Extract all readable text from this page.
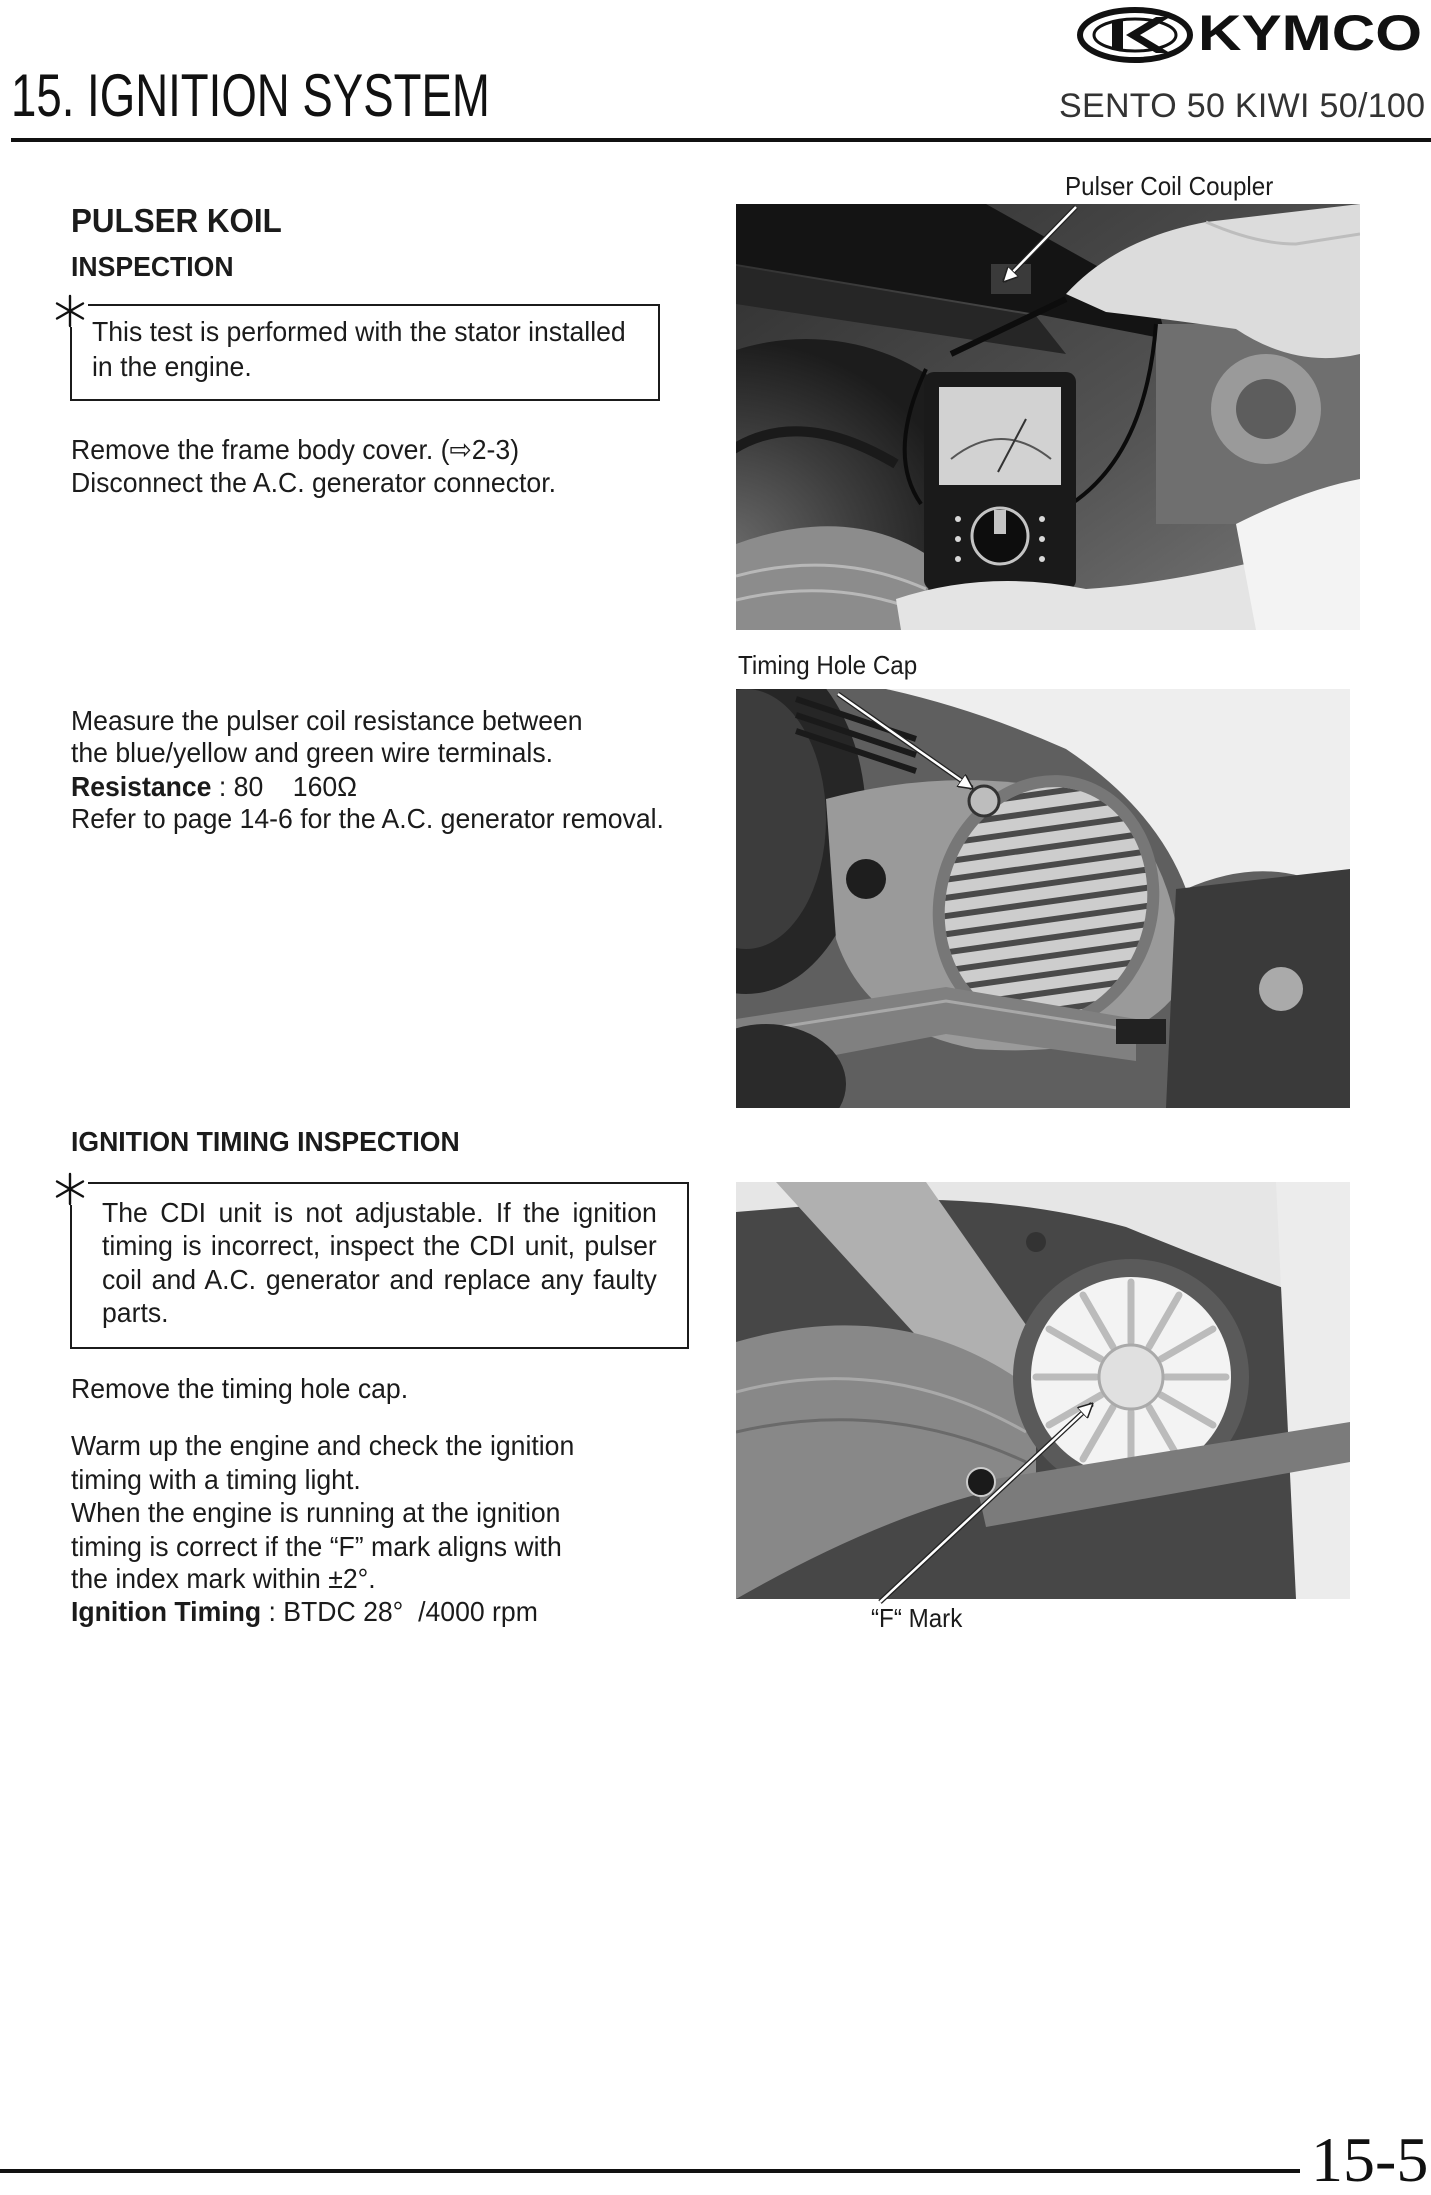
KYMCO
15. IGNITION SYSTEM	SENTO 50 KIWI 50/100
PULSER KOIL
INSPECTION
This test is performed with the stator installed
in the engine.
Remove the frame body cover. (⇨2-3)
Disconnect the A.C. generator connector.
Measure the pulser coil resistance between
the blue/yellow and green wire terminals.
Resistance : 80    160Ω
Refer to page 14-6 for the A.C. generator removal.
IGNITION TIMING INSPECTION
The CDI unit is not adjustable. If the ignition
timing is incorrect, inspect the CDI unit, pulser
coil and A.C. generator and replace any faulty
parts.
Remove the timing hole cap.
Warm up the engine and check the ignition
timing with a timing light.
When the engine is running at the ignition
timing is correct if the “F” mark aligns with
the index mark within ±2°.
Ignition Timing : BTDC 28°  /4000 rpm
Pulser Coil Coupler
Timing Hole Cap
“F“ Mark
15-5
